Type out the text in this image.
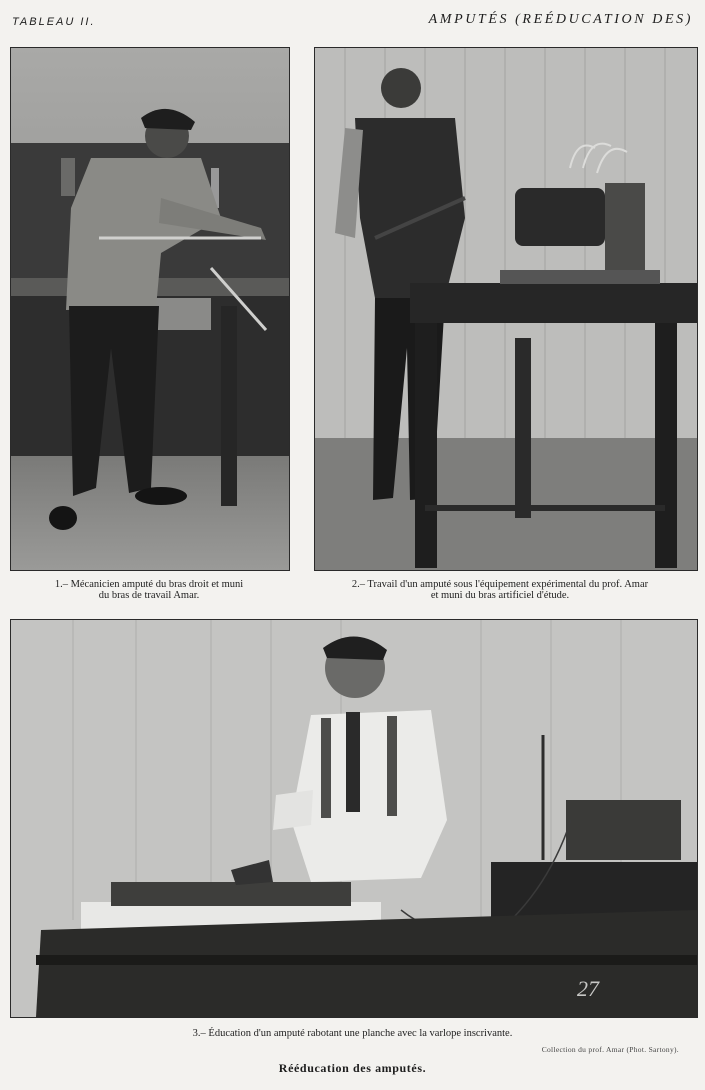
TABLEAU II.	AMPUTÉS (REÉDUCATION DES)
1.– Mécanicien amputé du bras droit et muni
du bras de travail Amar.
2.– Travail d'un amputé sous l'équipement expérimental du prof. Amar
et muni du bras artificiel d'étude.
27
3.– Éducation d'un amputé rabotant une planche avec la varlope inscrivante.
Collection du prof. Amar (Phot. Sartony).
Rééducation des amputés.
